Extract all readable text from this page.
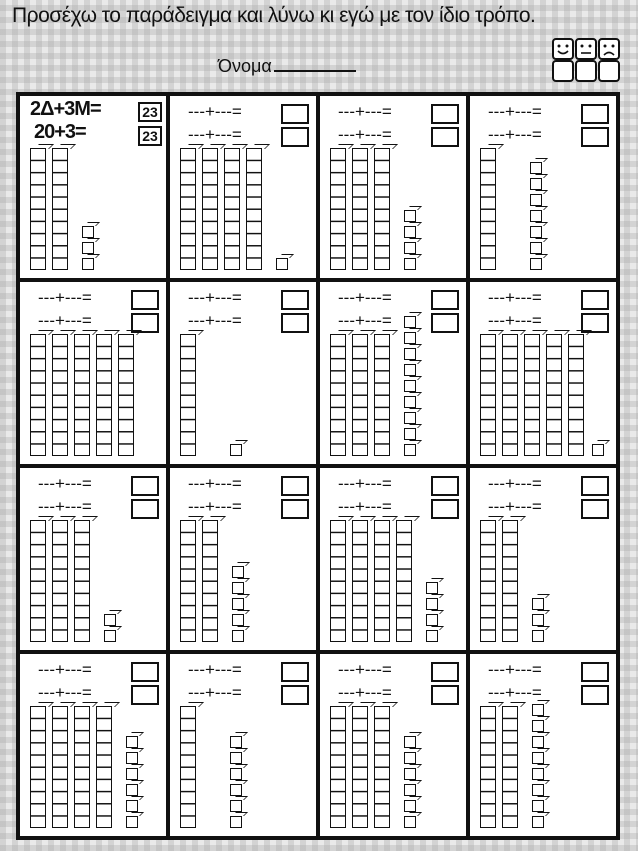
Προσέχω το παράδειγμα και λύνω κι εγώ με τον ίδιο τρόπο.
Όνομα
2Δ+3Μ=	23
20+3=	23
---+---=
---+---=
---+---=
---+---=
---+---=
---+---=
---+---=
---+---=
---+---=
---+---=
---+---=
---+---=
---+---=
---+---=
---+---=
---+---=
---+---=
---+---=
---+---=
---+---=
---+---=
---+---=
---+---=
---+---=
---+---=
---+---=
---+---=
---+---=
---+---=
---+---=
